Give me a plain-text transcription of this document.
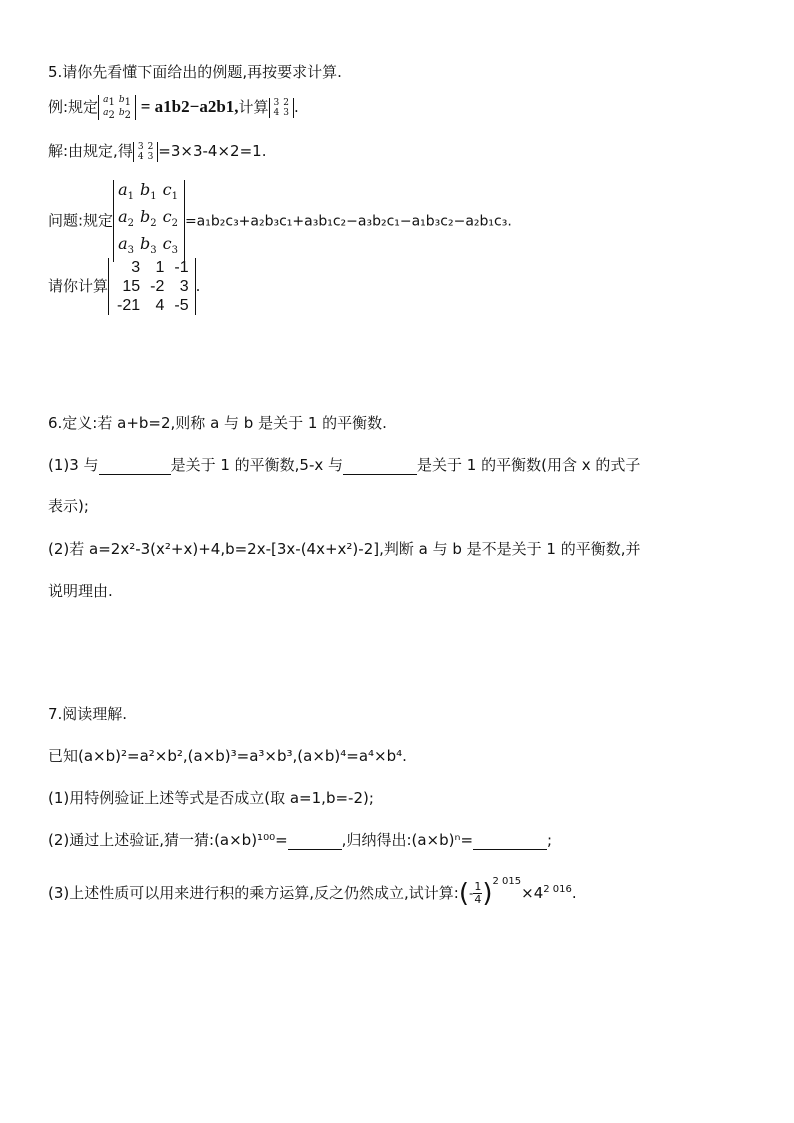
5.请你先看懂下面给出的例题,再按要求计算.
例:规定 $a_1$	$b_1$
$a_2$	$b_2 = a1b2-a2b1$,计算 3	2
4	3 .
解:由规定,得 3	2
4	3 =3×3-4×2=1.
问题:规定
$a_1$	$b_1$	$c_1$
$a_2$	$b_2$	$c_2$
$a_3$	$b_3$	$c_3$
=a₁b₂c₃+a₂b₃c₁+a₃b₁c₂−a₃b₂c₁−a₁b₃c₂−a₂b₁c₃.
请你计算
3	1	-1
15	-2	3
-21	4	-5
.
6.定义:若 a+b=2,则称 a 与 b 是关于 1 的平衡数.
(1)3 与	是关于 1 的平衡数,5-x 与	是关于 1 的平衡数(用含 x 的式子
表示);
(2)若 a=2x²-3(x²+x)+4,b=2x-[3x-(4x+x²)-2],判断 a 与 b 是不是关于 1 的平衡数,并
说明理由.
7.阅读理解.
已知(a×b)²=a²×b²,(a×b)³=a³×b³,(a×b)⁴=a⁴×b⁴.
(1)用特例验证上述等式是否成立(取 a=1,b=-2);
(2)通过上述验证,猜一猜:(a×b)¹⁰⁰=	,归纳得出:(a×b)ⁿ=	;
(3)上述性质可以用来进行积的乘方运算,反之仍然成立,试计算:(- $\frac{1}{4} )^{2 015}\times 4^{2 016}$.
